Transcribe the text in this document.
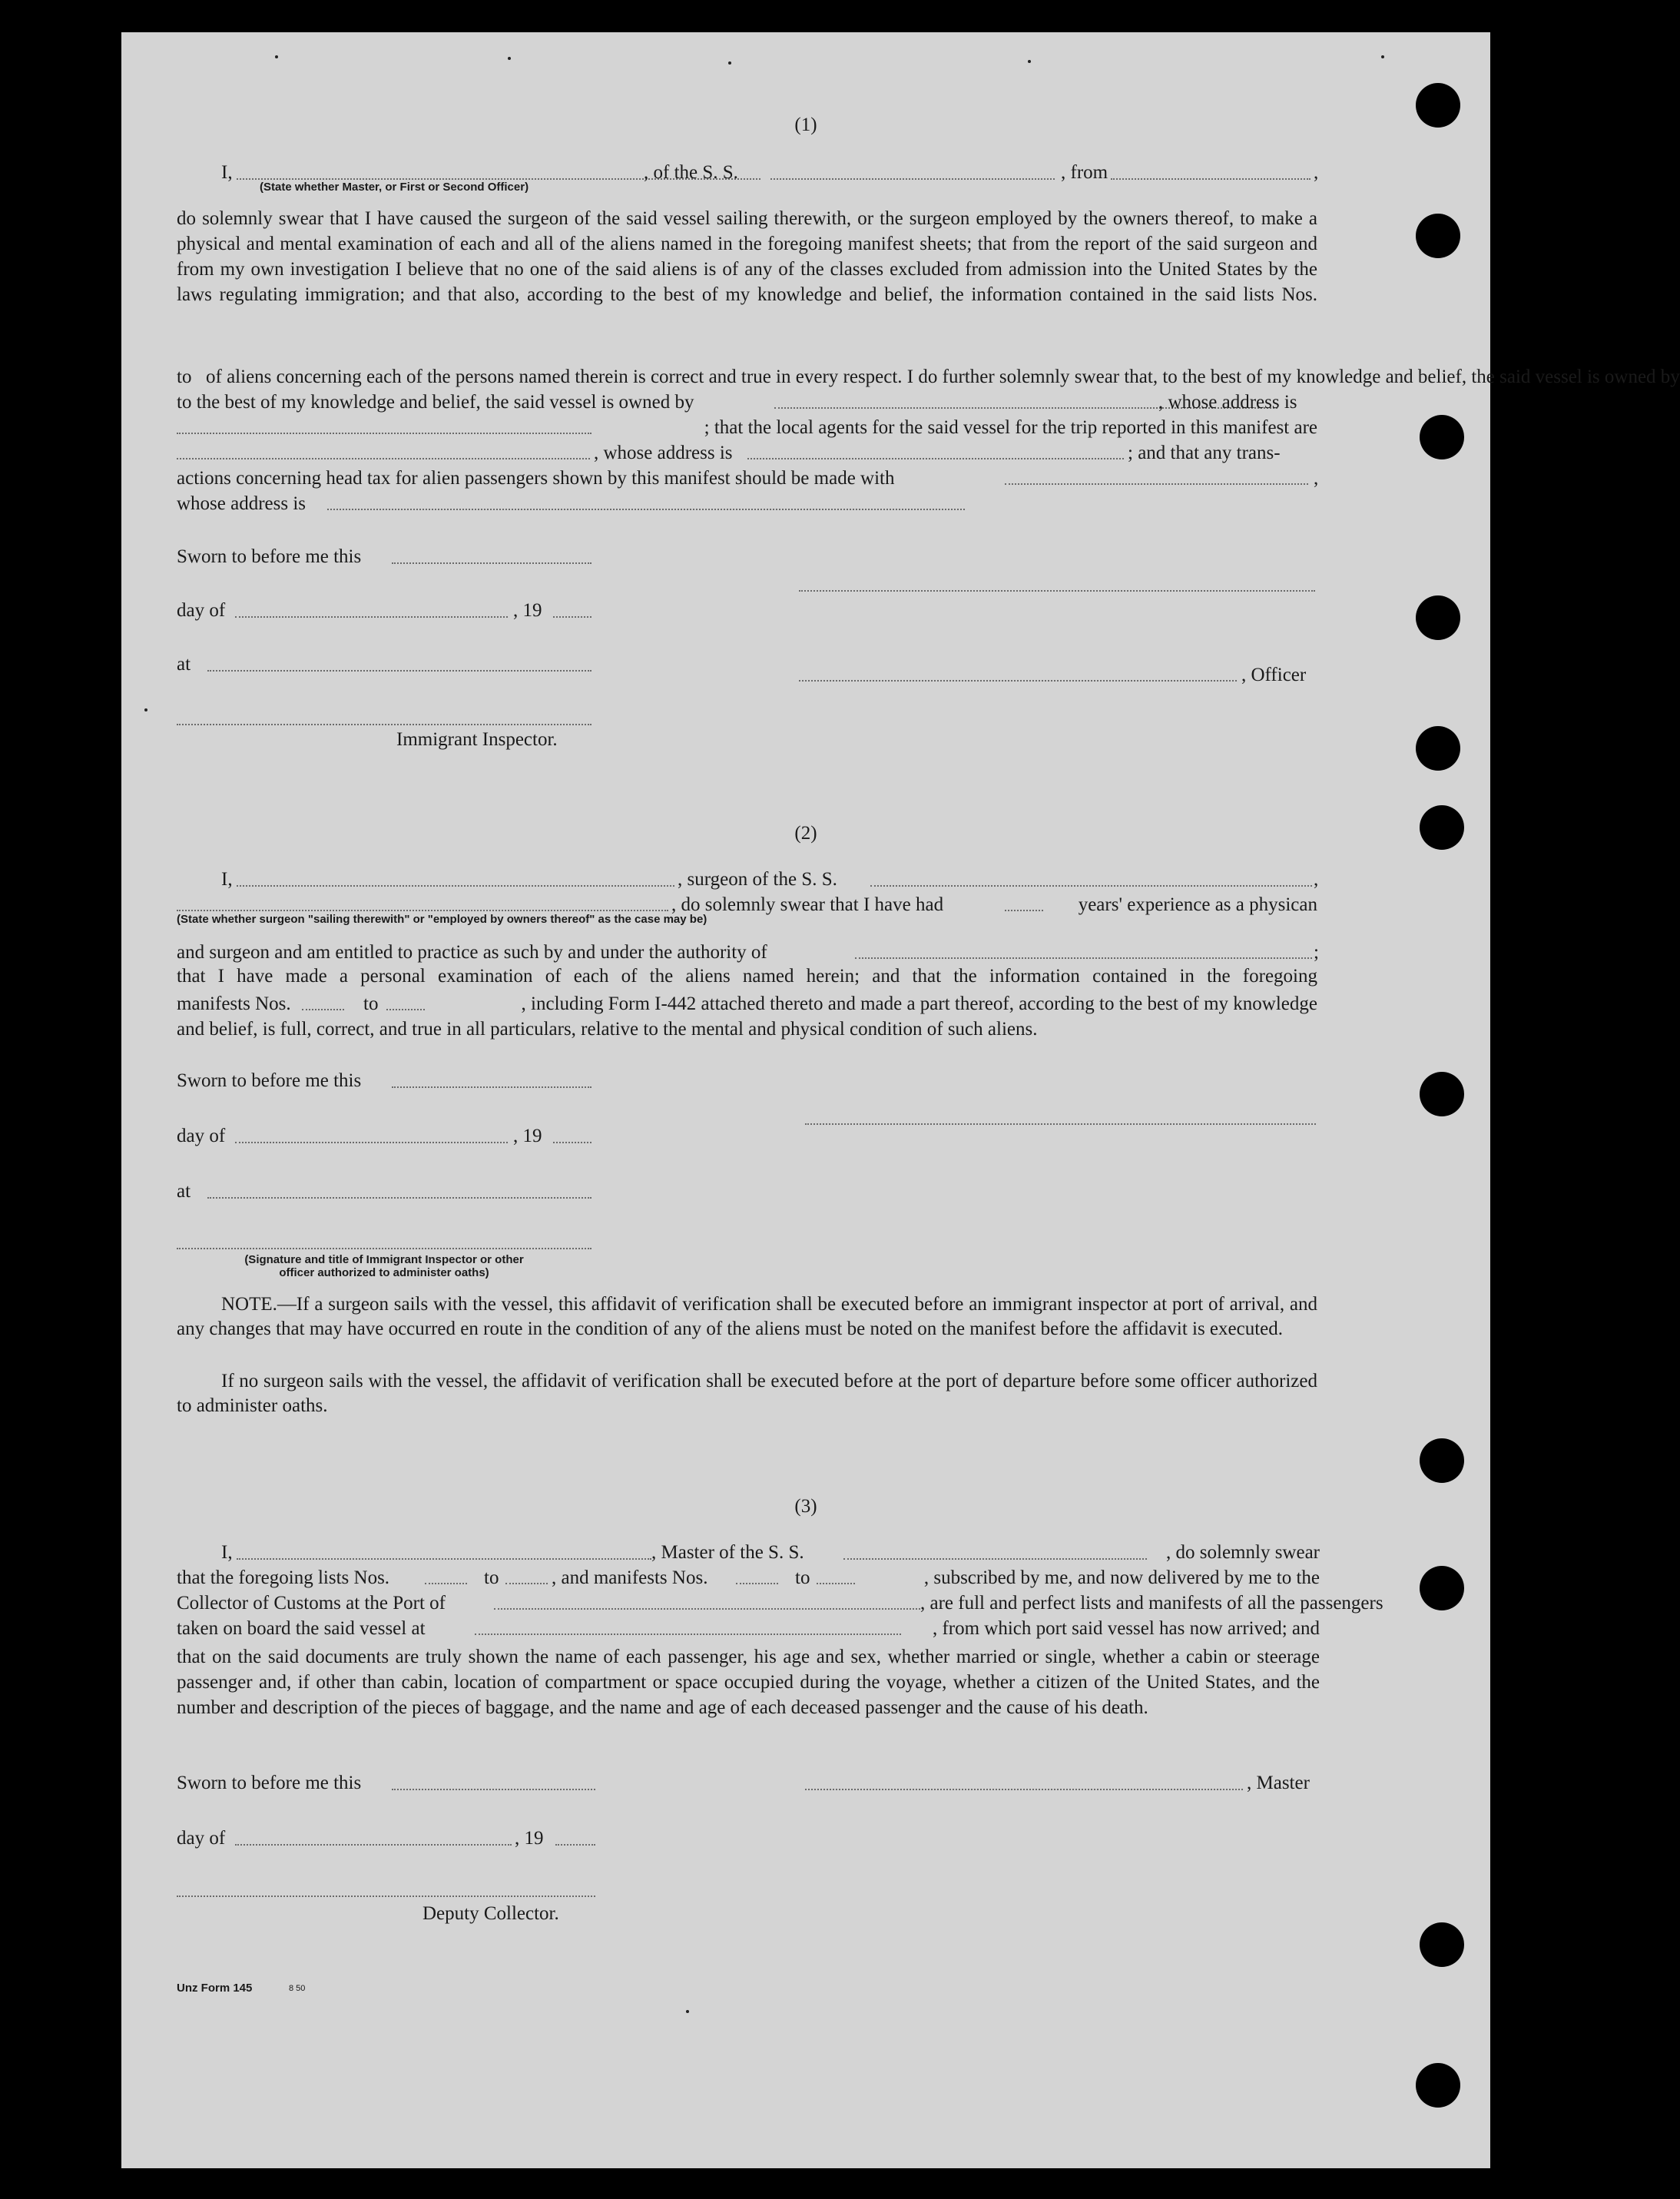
(1)
I,	, of the S. S.	, from	,
(State whether Master, or First or Second Officer)
do solemnly swear that I have caused the surgeon of the said vessel sailing therewith, or the surgeon employed by the owners thereof, to make a physical and mental examination of each and all of the aliens named in the foregoing manifest sheets; that from the report of the said surgeon and from my own investigation I believe that no one of the said aliens is of any of the classes excluded from admission into the United States by the laws regulating immigration; and that also, according to the best of my knowledge and belief, the information contained in the said lists Nos.
to of aliens concerning each of the persons named therein is correct and true in every respect. I do further solemnly swear that, to the best of my knowledge and belief, the said vessel is owned by
to the best of my knowledge and belief, the said vessel is owned by	, whose address is
; that the local agents for the said vessel for the trip reported in this manifest are
, whose address is	; and that any trans-
actions concerning head tax for alien passengers shown by this manifest should be made with	,
whose address is
Sworn to before me this
day of	, 19
at
, Officer
Immigrant Inspector.
(2)
I,	, surgeon of the S. S.	,
, do solemnly swear that I have had	years' experience as a physican
(State whether surgeon "sailing therewith" or "employed by owners thereof" as the case may be)
and surgeon and am entitled to practice as such by and under the authority of	;
that I have made a personal examination of each of the aliens named herein; and that the information contained in the foregoing
manifests Nos.	to	, including Form I-442 attached thereto and made a part thereof, according to the best of my knowledge
and belief, is full, correct, and true in all particulars, relative to the mental and physical condition of such aliens.
Sworn to before me this
day of	, 19
at
(Signature and title of Immigrant Inspector or other
officer authorized to administer oaths)
NOTE.—If a surgeon sails with the vessel, this affidavit of verification shall be executed before an immigrant inspector at port of arrival, and any changes that may have occurred en route in the condition of any of the aliens must be noted on the manifest before the affidavit is executed.
If no surgeon sails with the vessel, the affidavit of verification shall be executed before at the port of departure before some officer authorized to administer oaths.
(3)
I,	, Master of the S. S.	, do solemnly swear
that the foregoing lists Nos.	to	, and manifests Nos.	to	, subscribed by me, and now delivered by me to the
Collector of Customs at the Port of	, are full and perfect lists and manifests of all the passengers
taken on board the said vessel at	, from which port said vessel has now arrived; and
that on the said documents are truly shown the name of each passenger, his age and sex, whether married or single, whether a cabin or steerage passenger and, if other than cabin, location of compartment or space occupied during the voyage, whether a citizen of the United States, and the number and description of the pieces of baggage, and the name and age of each deceased passenger and the cause of his death.
Sworn to before me this	, Master
day of	, 19
Deputy Collector.
Unz Form 145	8 50
